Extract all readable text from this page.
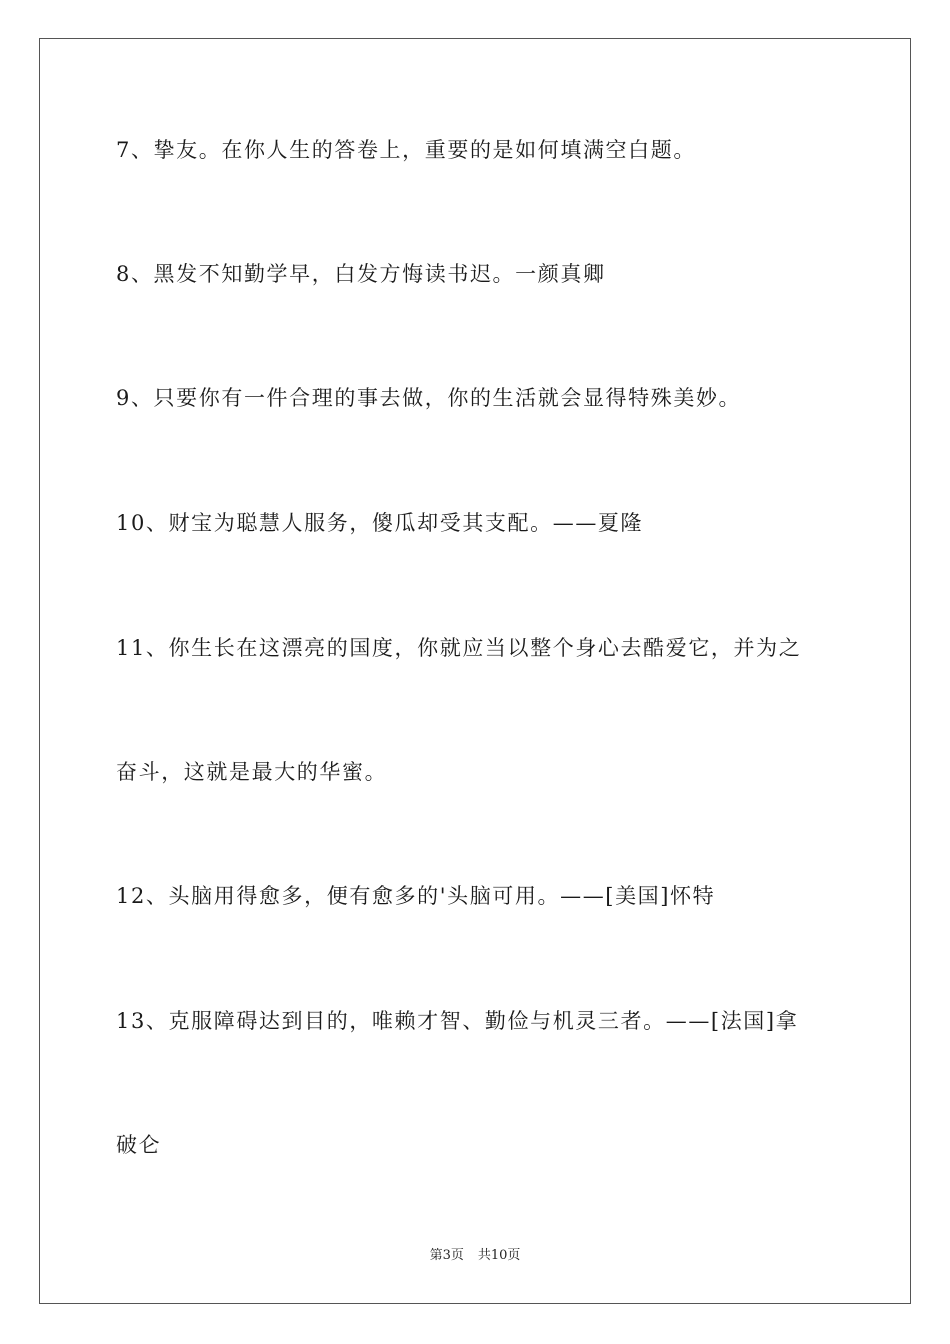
7、挚友。在你人生的答卷上，重要的是如何填满空白题。
8、黑发不知勤学早，白发方悔读书迟。一颜真卿
9、只要你有一件合理的事去做，你的生活就会显得特殊美妙。
10、财宝为聪慧人服务，傻瓜却受其支配。——夏隆
11、你生长在这漂亮的国度，你就应当以整个身心去酷爱它，并为之
奋斗，这就是最大的华蜜。
12、头脑用得愈多，便有愈多的'头脑可用。——[美国]怀特
13、克服障碍达到目的，唯赖才智、勤俭与机灵三者。——[法国]拿
破仑
第3页 共10页
